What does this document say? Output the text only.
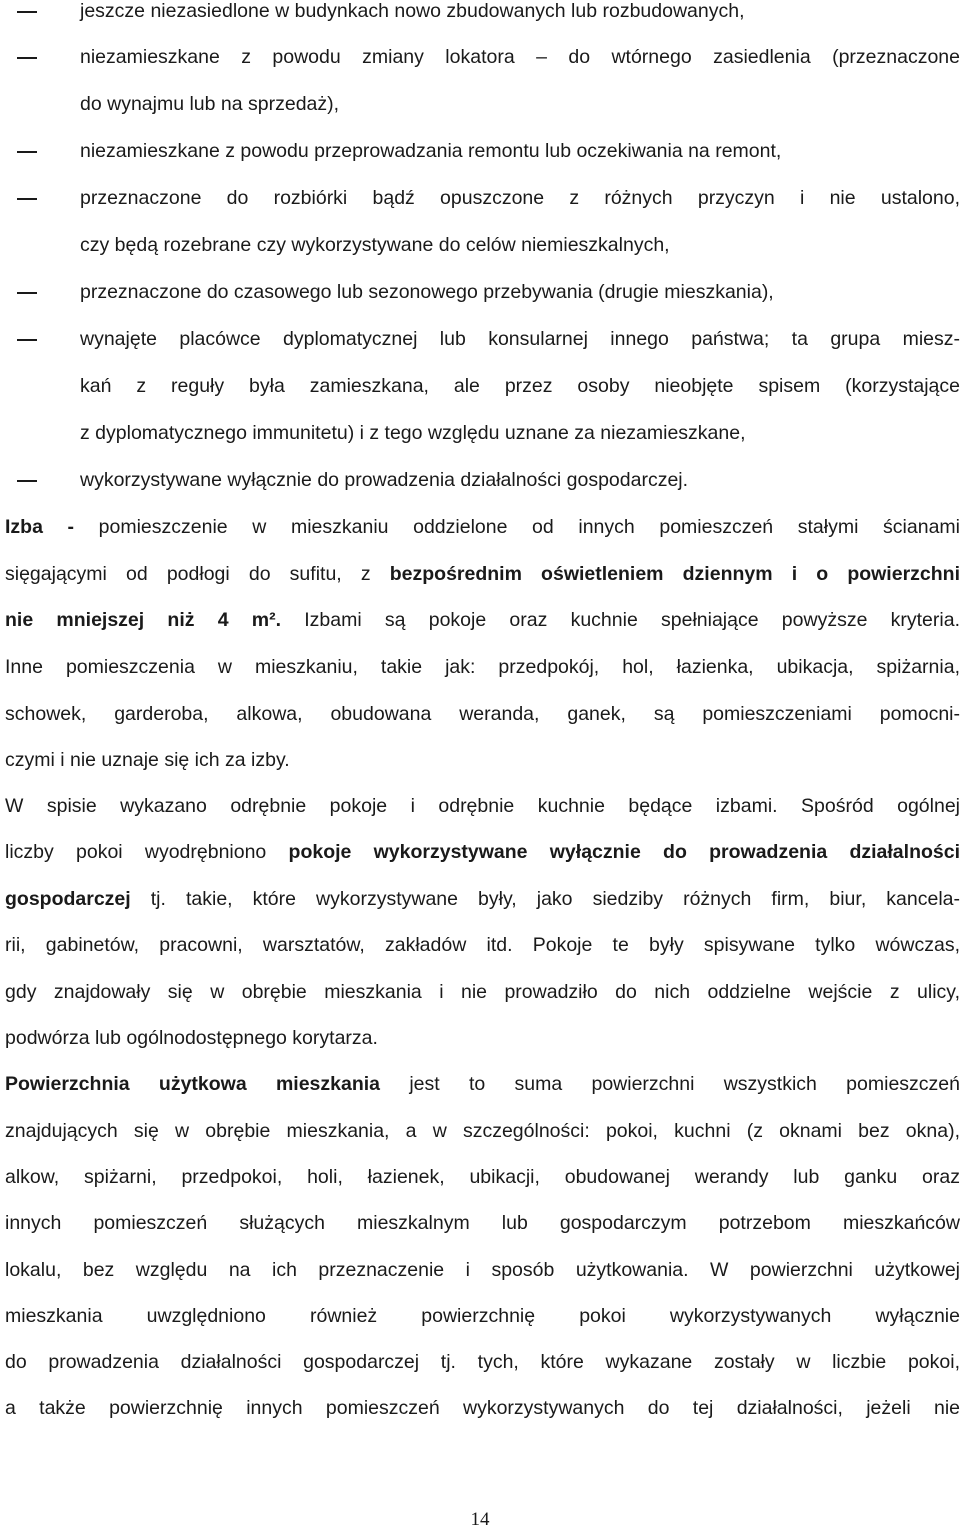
jeszcze niezasiedlone w budynkach nowo zbudowanych lub rozbudowanych,
niezamieszkane z powodu zmiany lokatora – do wtórnego zasiedlenia (przeznaczone
do wynajmu lub na sprzedaż),
niezamieszkane z powodu przeprowadzania remontu lub oczekiwania na remont,
przeznaczone do rozbiórki bądź opuszczone z różnych przyczyn i nie ustalono,
czy będą rozebrane czy wykorzystywane do celów niemieszkalnych,
przeznaczone do czasowego lub sezonowego przebywania (drugie mieszkania),
wynajęte placówce dyplomatycznej lub konsularnej innego państwa; ta grupa miesz-
kań z reguły była zamieszkana, ale przez osoby nieobjęte spisem (korzystające
z dyplomatycznego immunitetu) i z tego względu uznane za niezamieszkane,
wykorzystywane wyłącznie do prowadzenia działalności gospodarczej.
Izba - pomieszczenie w mieszkaniu oddzielone od innych pomieszczeń stałymi ścianami
sięgającymi od podłogi do sufitu, z bezpośrednim oświetleniem dziennym i o powierzchni
nie mniejszej niż 4 m². Izbami są pokoje oraz kuchnie spełniające powyższe kryteria.
Inne pomieszczenia w mieszkaniu, takie jak: przedpokój, hol, łazienka, ubikacja, spiżarnia,
schowek, garderoba, alkowa, obudowana weranda, ganek, są pomieszczeniami pomocni-
czymi i nie uznaje się ich za izby.
W spisie wykazano odrębnie pokoje i odrębnie kuchnie będące izbami. Spośród ogólnej
liczby pokoi wyodrębniono pokoje wykorzystywane wyłącznie do prowadzenia działalności
gospodarczej tj. takie, które wykorzystywane były, jako siedziby różnych firm, biur, kancela-
rii, gabinetów, pracowni, warsztatów, zakładów itd. Pokoje te były spisywane tylko wówczas,
gdy znajdowały się w obrębie mieszkania i nie prowadziło do nich oddzielne wejście z ulicy,
podwórza lub ogólnodostępnego korytarza.
Powierzchnia użytkowa mieszkania jest to suma powierzchni wszystkich pomieszczeń
znajdujących się w obrębie mieszkania, a w szczególności: pokoi, kuchni (z oknami bez okna),
alkow, spiżarni, przedpokoi, holi, łazienek, ubikacji, obudowanej werandy lub ganku oraz
innych pomieszczeń służących mieszkalnym lub gospodarczym potrzebom mieszkańców
lokalu, bez względu na ich przeznaczenie i sposób użytkowania. W powierzchni użytkowej
mieszkania uwzględniono również powierzchnię pokoi wykorzystywanych wyłącznie
do prowadzenia działalności gospodarczej tj. tych, które wykazane zostały w liczbie pokoi,
a także powierzchnię innych pomieszczeń wykorzystywanych do tej działalności, jeżeli nie
14
